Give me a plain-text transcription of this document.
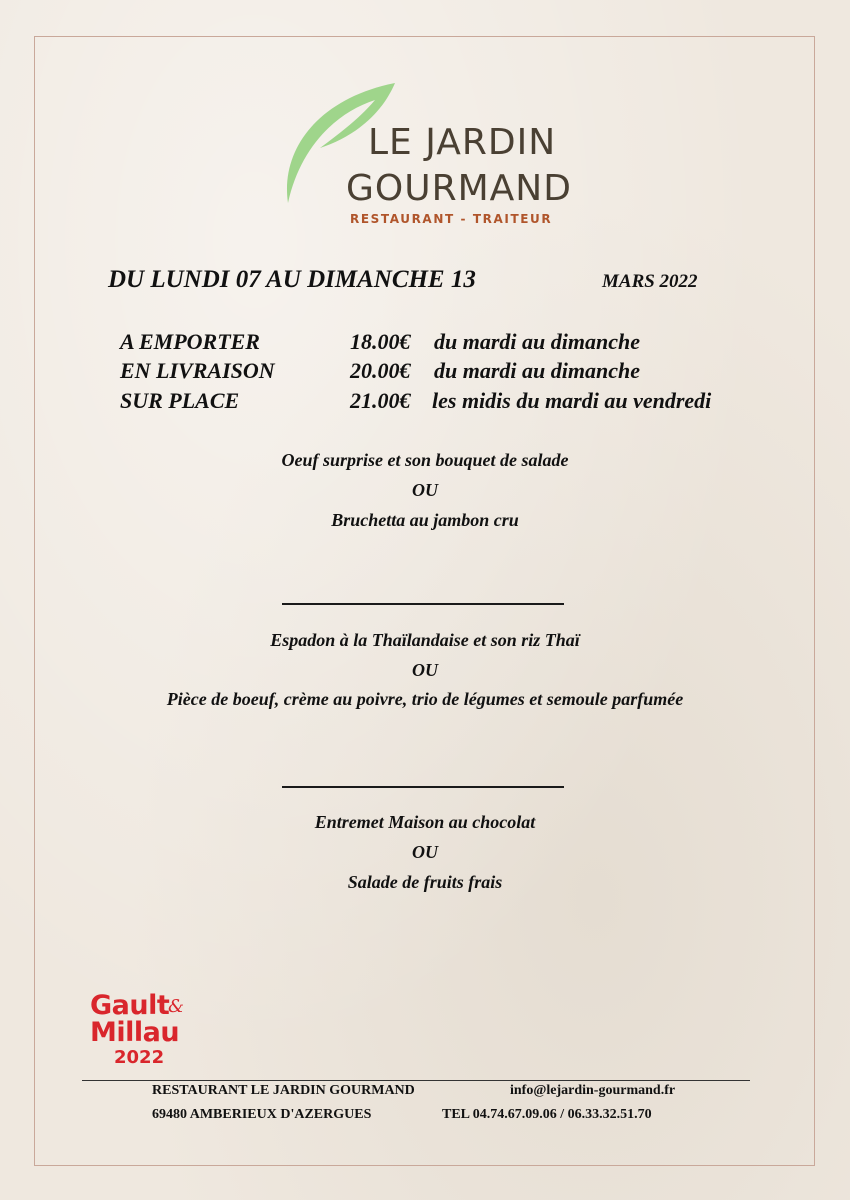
LE JARDIN
GOURMAND
RESTAURANT - TRAITEUR
DU LUNDI 07 AU DIMANCHE 13	MARS 2022
A EMPORTER	18.00€ du mardi au dimanche
EN LIVRAISON	20.00€ du mardi au dimanche
SUR PLACE	21.00€ les midis du mardi au vendredi
Oeuf surprise et son bouquet de salade
OU
Bruchetta au jambon cru
Espadon à la Thaïlandaise et son riz Thaï
OU
Pièce de boeuf, crème au poivre, trio de légumes et semoule parfumée
Entremet Maison au chocolat
OU
Salade de fruits frais
Gault
&
Millau
2022
RESTAURANT LE JARDIN GOURMAND	info@lejardin-gourmand.fr
69480 AMBERIEUX D'AZERGUES	TEL 04.74.67.09.06 / 06.33.32.51.70
